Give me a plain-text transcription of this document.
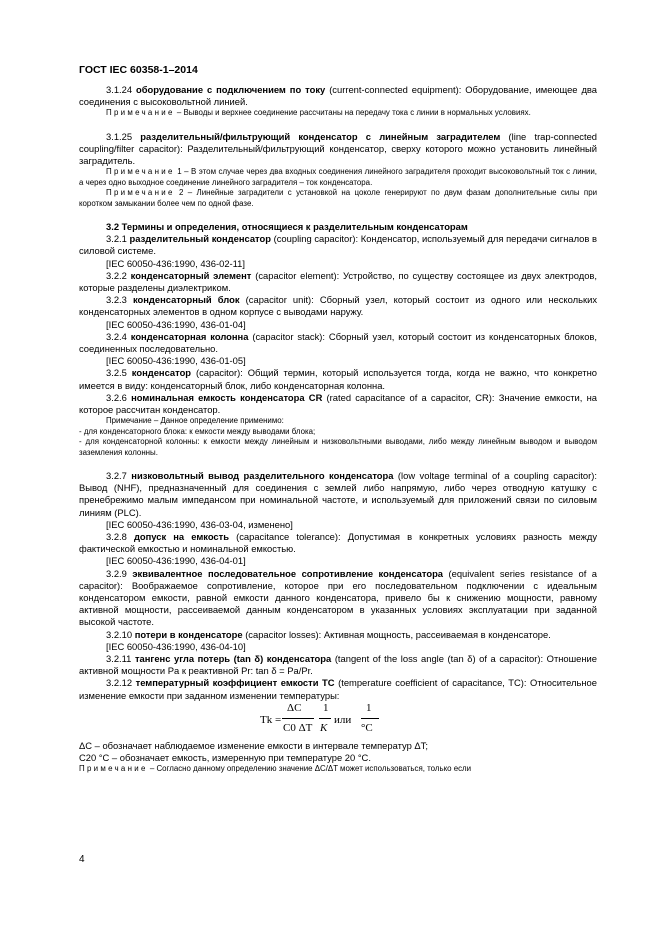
ГОСТ IEC 60358-1–2014

3.1.24 оборудование с подключением по току (current-connected equipment): Оборудование, имеющее два соединения с высоковольтной линией.

Примечание – Выводы и верхнее соединение рассчитаны на передачу тока с линии в нормальных условиях.

3.1.25 разделительный/фильтрующий конденсатор с линейным заградителем (line trap-connected coupling/filter capacitor): Разделительный/фильтрующий конденсатор, сверху которого можно установить линейный заградитель.

Примечание 1 – В этом случае через два входных соединения линейного заградителя проходит высоковольтный ток с линии, а через одно выходное соединение линейного заградителя – ток конденсатора.

Примечание 2 – Линейные заградители с установкой на цоколе генерируют по двум фазам дополнительные силы при коротком замыкании более чем по одной фазе.

3.2 Термины и определения, относящиеся к разделительным конденсаторам

3.2.1 разделительный конденсатор (coupling capacitor): Конденсатор, используемый для передачи сигналов в силовой системе.

[IEC 60050-436:1990, 436-02-11]

3.2.2 конденсаторный элемент (capacitor element): Устройство, по существу состоящее из двух электродов, которые разделены диэлектриком.

3.2.3 конденсаторный блок (capacitor unit): Сборный узел, который состоит из одного или нескольких конденсаторных элементов в одном корпусе с выводами наружу.

[IEC 60050-436:1990, 436-01-04]

3.2.4 конденсаторная колонна (capacitor stack): Сборный узел, который состоит из конденсаторных блоков, соединенных последовательно.

[IEC 60050-436:1990, 436-01-05]

3.2.5 конденсатор (capacitor): Общий термин, который используется тогда, когда не важно, что конкретно имеется в виду: конденсаторный блок, либо конденсаторная колонна.

3.2.6 номинальная емкость конденсатора CR (rated capacitance of a capacitor, CR): Значение емкости, на которое рассчитан конденсатор.

Примечание – Данное определение применимо:

- для конденсаторного блока: к емкости между выводами блока;

- для конденсаторной колонны: к емкости между линейным и низковольтными выводами, либо между линейным выводом и выводом заземления колонны.

3.2.7 низковольтный вывод разделительного конденсатора (low voltage terminal of a coupling capacitor): Вывод (NHF), предназначенный для соединения с землей либо напрямую, либо через отводную катушку с пренебрежимо малым импедансом при номинальной частоте, и используемый для приложений связи по силовым линиям (PLC).

[IEC 60050-436:1990, 436-03-04, изменено]

3.2.8 допуск на емкость (capacitance tolerance): Допустимая в конкретных условиях разность между фактической емкостью и номинальной емкостью.

[IEC 60050-436:1990, 436-04-01]

3.2.9 эквивалентное последовательное сопротивление конденсатора (equivalent series resistance of a capacitor): Воображаемое сопротивление, которое при его последовательном подключении с идеальным конденсатором емкости, равной емкости данного конденсатора, привело бы к снижению мощности, равному активной мощности, рассеиваемой данным конденсатором в указанных условиях эксплуатации при заданной высокой частоте.

3.2.10 потери в конденсаторе (capacitor losses): Активная мощность, рассеиваемая в конденсаторе.

[IEC 60050-436:1990, 436-04-10]

3.2.11 тангенс угла потерь (tan δ) конденсатора (tangent of the loss angle (tan δ) of a capacitor): Отношение активной мощности Pa к реактивной Pr: tan δ = Pa/Pr.

3.2.12 температурный коэффициент емкости TC (temperature coefficient of capacitance, TC): Относительное изменение емкости при заданном изменении температуры:

Tk =
ΔC
C0 ΔT
1
K
или
1
°C

ΔC – обозначает наблюдаемое изменение емкости в интервале температур ΔT;

C20 °C – обозначает емкость, измеренную при температуре 20 °C.

Примечание – Согласно данному определению значение ΔC/ΔT может использоваться, только если

4
